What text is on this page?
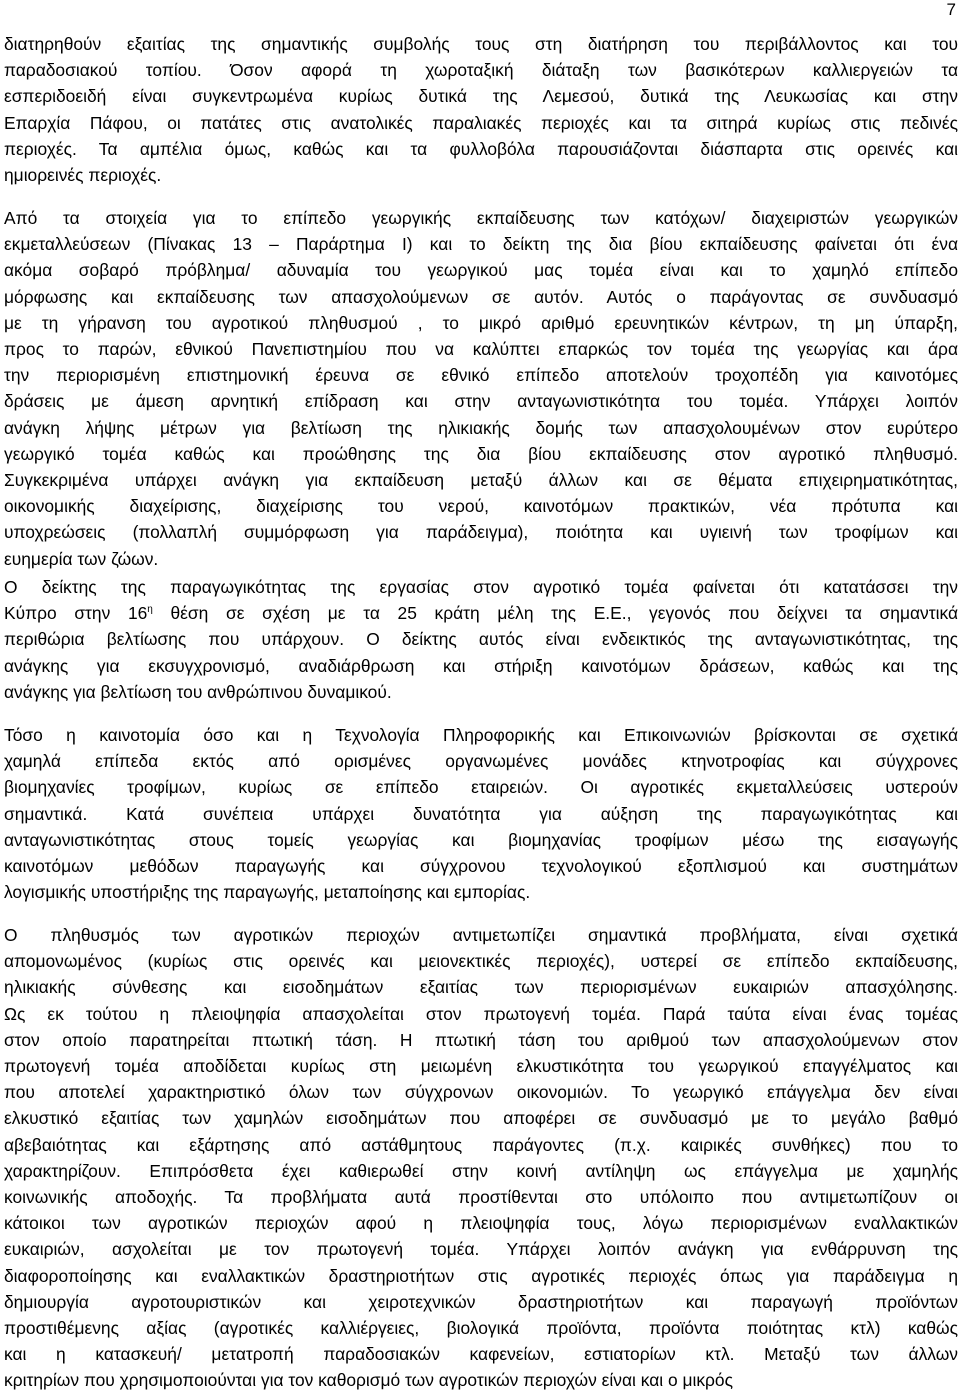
7
διατηρηθούν εξαιτίας της σημαντικής συμβολής τους στη διατήρηση του περιβάλλοντος και του
παραδοσιακού τοπίου. Όσον αφορά τη χωροταξική διάταξη των βασικότερων καλλιεργειών τα
εσπεριδοειδή είναι συγκεντρωμένα κυρίως δυτικά της Λεμεσού, δυτικά της Λευκωσίας και στην
Επαρχία Πάφου, οι πατάτες στις ανατολικές παραλιακές περιοχές και τα σιτηρά κυρίως στις πεδινές
περιοχές. Τα αμπέλια όμως, καθώς και τα φυλλοβόλα παρουσιάζονται διάσπαρτα στις ορεινές και
ημιορεινές περιοχές.
Από τα στοιχεία για το επίπεδο γεωργικής εκπαίδευσης των κατόχων/ διαχειριστών γεωργικών
εκμεταλλεύσεων (Πίνακας 13 – Παράρτημα Ι) και το δείκτη της δια βίου εκπαίδευσης φαίνεται ότι ένα
ακόμα σοβαρό πρόβλημα/ αδυναμία του γεωργικού μας τομέα είναι και το χαμηλό επίπεδο
μόρφωσης και εκπαίδευσης των απασχολούμενων σε αυτόν. Αυτός ο παράγοντας σε συνδυασμό
με τη γήρανση του αγροτικού πληθυσμού , το μικρό αριθμό ερευνητικών κέντρων, τη μη ύπαρξη,
προς το παρών, εθνικού Πανεπιστημίου που να καλύπτει επαρκώς τον τομέα της γεωργίας και άρα
την περιορισμένη επιστημονική έρευνα σε εθνικό επίπεδο αποτελούν τροχοπέδη για καινοτόμες
δράσεις με άμεση αρνητική επίδραση και στην ανταγωνιστικότητα του τομέα. Υπάρχει λοιπόν
ανάγκη λήψης μέτρων για βελτίωση της ηλικιακής δομής των απασχολουμένων στον ευρύτερο
γεωργικό τομέα καθώς και προώθησης της δια βίου εκπαίδευσης στον αγροτικό πληθυσμό.
Συγκεκριμένα υπάρχει ανάγκη για εκπαίδευση μεταξύ άλλων και σε θέματα επιχειρηματικότητας,
οικονομικής διαχείρισης, διαχείρισης του νερού, καινοτόμων πρακτικών, νέα πρότυπα και
υποχρεώσεις (πολλαπλή συμμόρφωση για παράδειγμα), ποιότητα και υγιεινή των τροφίμων και
ευημερία των ζώων.
Ο δείκτης της παραγωγικότητας της εργασίας στον αγροτικό τομέα φαίνεται ότι κατατάσσει την
Κύπρο στην $16^\eta$ θέση σε σχέση με τα 25 κράτη μέλη της Ε.Ε., γεγονός που δείχνει τα σημαντικά
περιθώρια βελτίωσης που υπάρχουν. Ο δείκτης αυτός είναι ενδεικτικός της ανταγωνιστικότητας, της
ανάγκης για εκσυγχρονισμό, αναδιάρθρωση και στήριξη καινοτόμων δράσεων, καθώς και της
ανάγκης για βελτίωση του ανθρώπινου δυναμικού.
Τόσο η καινοτομία όσο και η Τεχνολογία Πληροφορικής και Επικοινωνιών βρίσκονται σε σχετικά
χαμηλά επίπεδα εκτός από ορισμένες οργανωμένες μονάδες κτηνοτροφίας και σύγχρονες
βιομηχανίες τροφίμων, κυρίως σε επίπεδο εταιρειών. Οι αγροτικές εκμεταλλεύσεις υστερούν
σημαντικά. Κατά συνέπεια υπάρχει δυνατότητα για αύξηση της παραγωγικότητας και
ανταγωνιστικότητας στους τομείς γεωργίας και βιομηχανίας τροφίμων μέσω της εισαγωγής
καινοτόμων μεθόδων παραγωγής και σύγχρονου τεχνολογικού εξοπλισμού και συστημάτων
λογισμικής υποστήριξης της παραγωγής, μεταποίησης και εμπορίας.
Ο πληθυσμός των αγροτικών περιοχών αντιμετωπίζει σημαντικά προβλήματα, είναι σχετικά
απομονωμένος (κυρίως στις ορεινές και μειονεκτικές περιοχές), υστερεί σε επίπεδο εκπαίδευσης,
ηλικιακής σύνθεσης και εισοδημάτων εξαιτίας των περιορισμένων ευκαιριών απασχόλησης.
Ως εκ τούτου η πλειοψηφία απασχολείται στον πρωτογενή τομέα. Παρά ταύτα είναι ένας τομέας
στον οποίο παρατηρείται πτωτική τάση. Η πτωτική τάση του αριθμού των απασχολούμενων στον
πρωτογενή τομέα αποδίδεται κυρίως στη μειωμένη ελκυστικότητα του γεωργικού επαγγέλματος και
που αποτελεί χαρακτηριστικό όλων των σύγχρονων οικονομιών. Το γεωργικό επάγγελμα δεν είναι
ελκυστικό εξαιτίας των χαμηλών εισοδημάτων που αποφέρει σε συνδυασμό με το μεγάλο βαθμό
αβεβαιότητας και εξάρτησης από αστάθμητους παράγοντες (π.χ. καιρικές συνθήκες) που το
χαρακτηρίζουν. Επιπρόσθετα έχει καθιερωθεί στην κοινή αντίληψη ως επάγγελμα με χαμηλής
κοινωνικής αποδοχής. Τα προβλήματα αυτά προστίθενται στο υπόλοιπο που αντιμετωπίζουν οι
κάτοικοι των αγροτικών περιοχών αφού η πλειοψηφία τους, λόγω περιορισμένων εναλλακτικών
ευκαιριών, ασχολείται με τον πρωτογενή τομέα. Υπάρχει λοιπόν ανάγκη για ενθάρρυνση της
διαφοροποίησης και εναλλακτικών δραστηριοτήτων στις αγροτικές περιοχές όπως για παράδειγμα η
δημιουργία αγροτουριστικών και χειροτεχνικών δραστηριοτήτων και παραγωγή προϊόντων
προστιθέμενης αξίας (αγροτικές καλλιέργειες, βιολογικά προϊόντα, προϊόντα ποιότητας κτλ) καθώς
και η κατασκευή/ μετατροπή παραδοσιακών καφενείων, εστιατορίων κτλ. Μεταξύ των άλλων
κριτηρίων που χρησιμοποιούνται για τον καθορισμό των αγροτικών περιοχών είναι και ο μικρός
